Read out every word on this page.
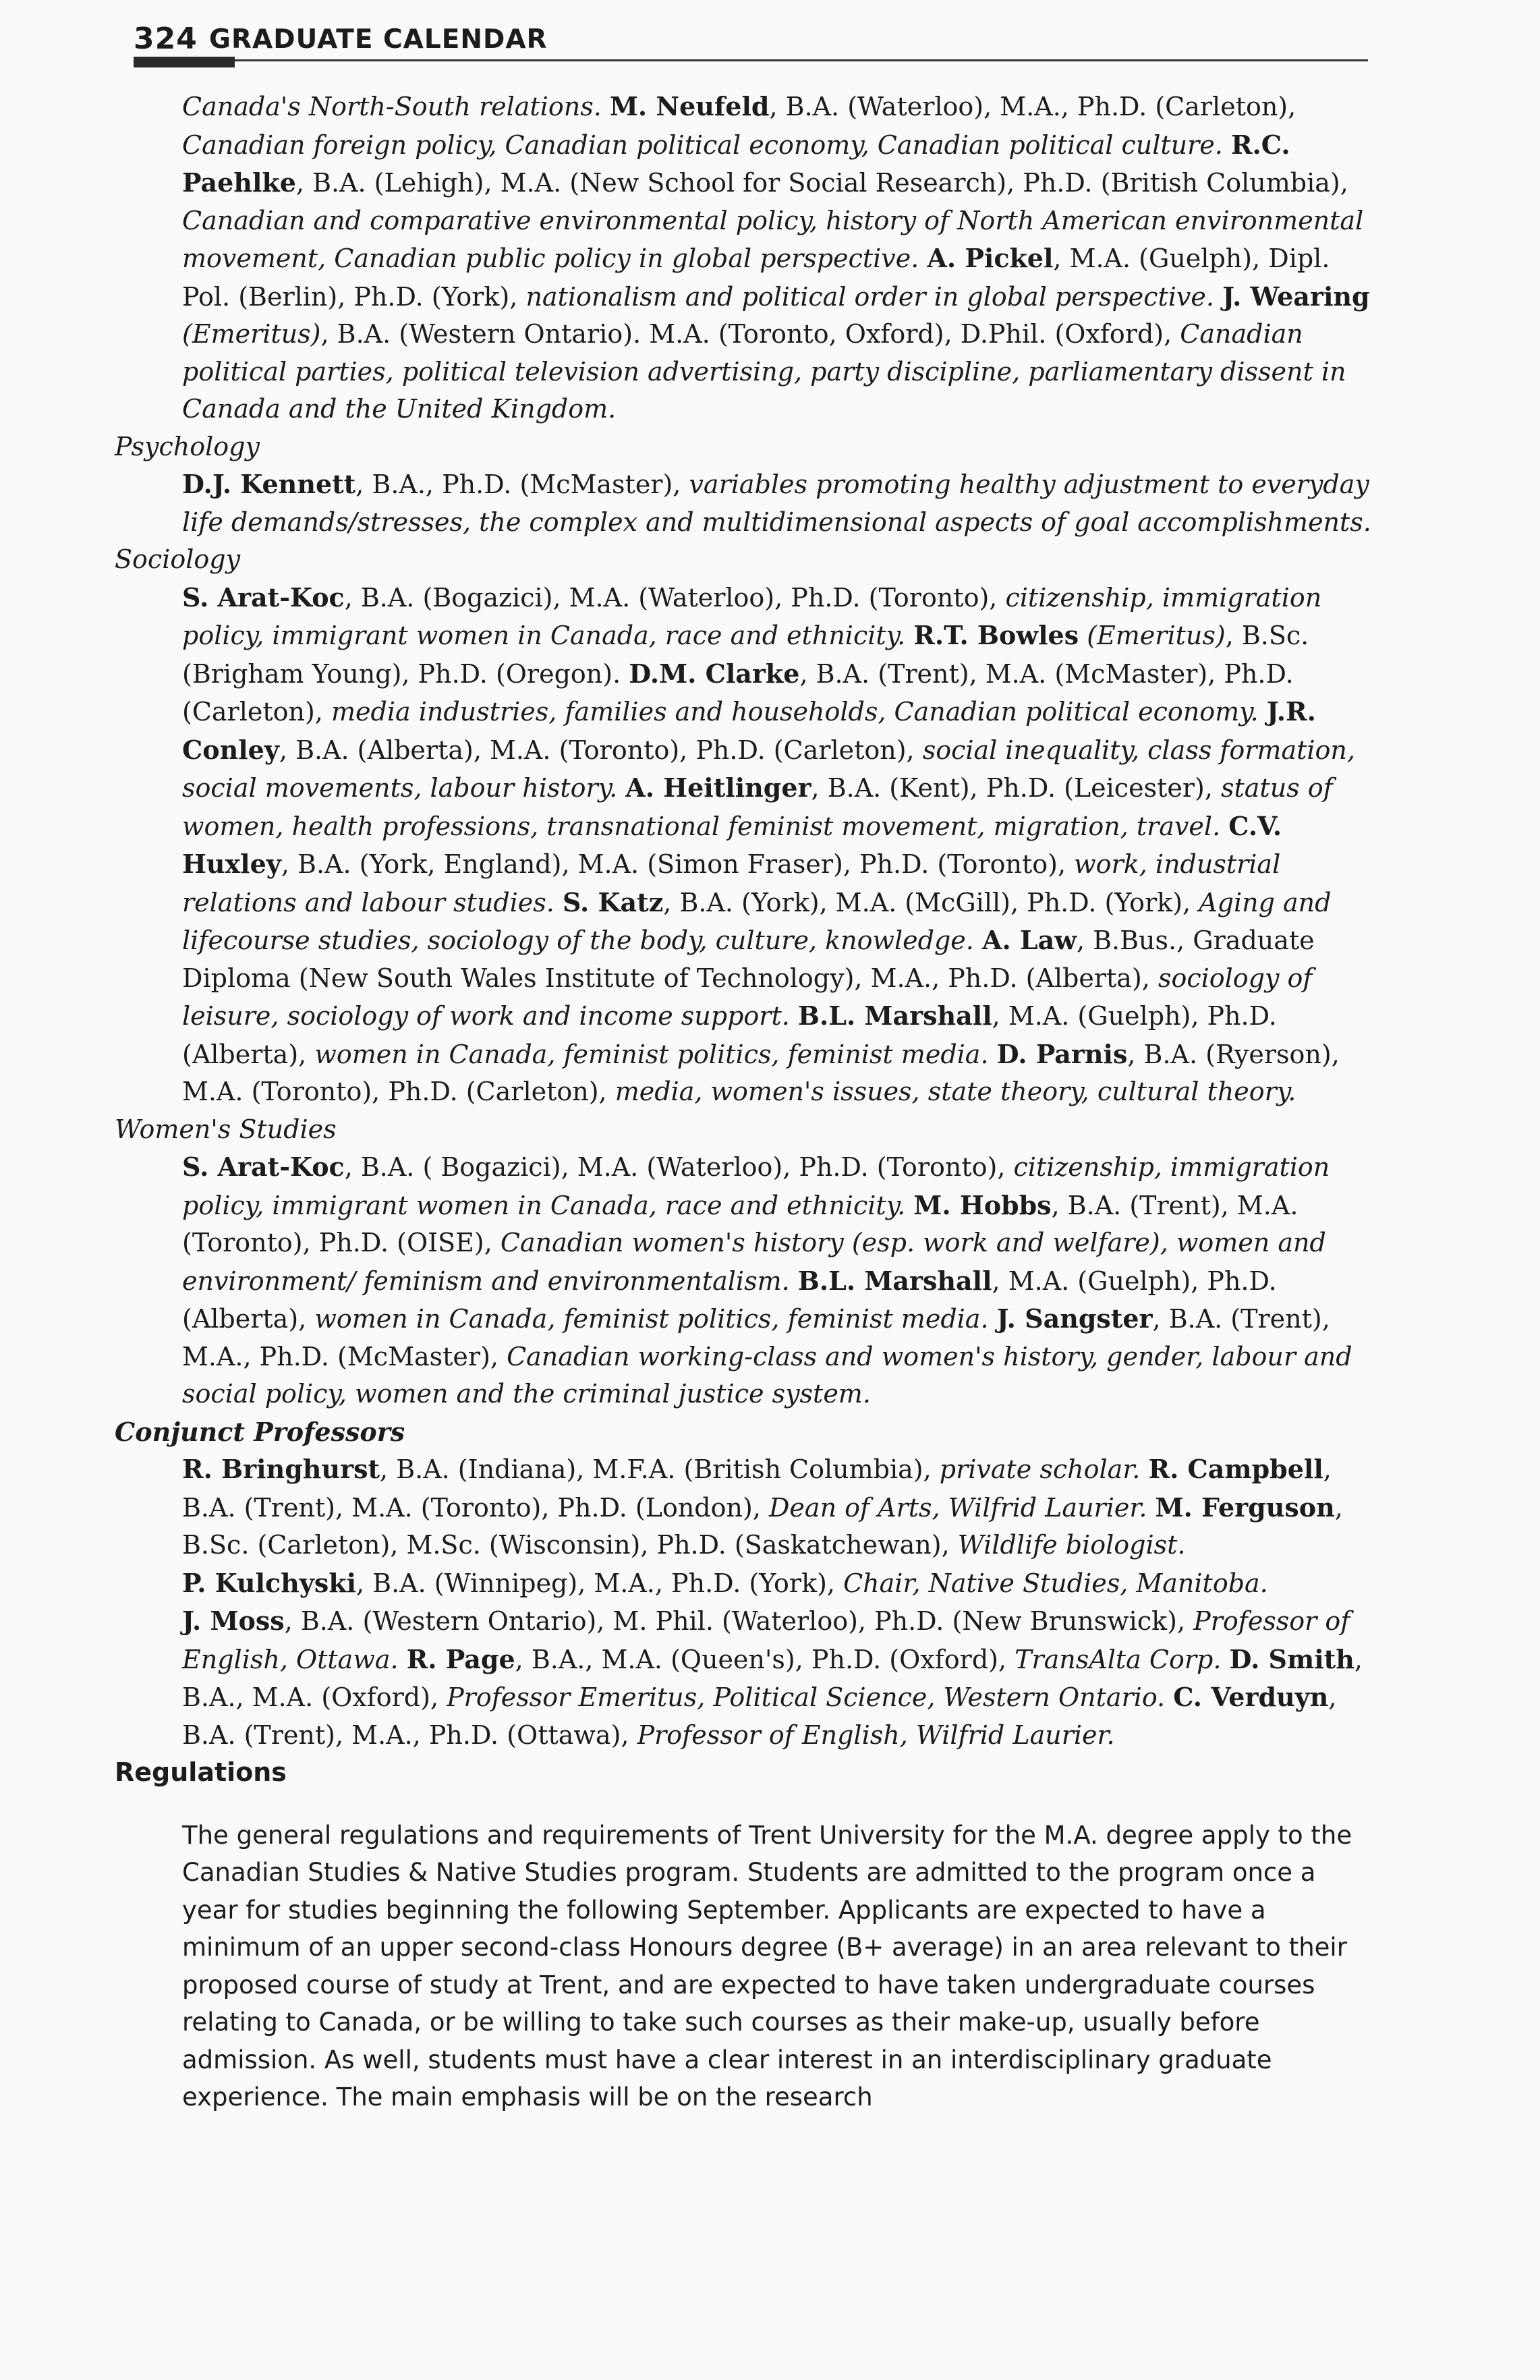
324 GRADUATE CALENDAR

Canada's North-South relations. M. Neufeld, B.A. (Waterloo), M.A., Ph.D. (Carleton), Canadian foreign policy, Canadian political economy, Canadian political culture. R.C. Paehlke, B.A. (Lehigh), M.A. (New School for Social Research), Ph.D. (British Columbia), Canadian and comparative environmental policy, history of North American environmental movement, Canadian public policy in global perspective. A. Pickel, M.A. (Guelph), Dipl. Pol. (Berlin), Ph.D. (York), nationalism and political order in global perspective. J. Wearing (Emeritus), B.A. (Western Ontario). M.A. (Toronto, Oxford), D.Phil. (Oxford), Canadian political parties, political television advertising, party discipline, parliamentary dissent in Canada and the United Kingdom.

Psychology

D.J. Kennett, B.A., Ph.D. (McMaster), variables promoting healthy adjustment to everyday life demands/stresses, the complex and multidimensional aspects of goal accomplishments.

Sociology

S. Arat-Koc, B.A. (Bogazici), M.A. (Waterloo), Ph.D. (Toronto), citizenship, immigration policy, immigrant women in Canada, race and ethnicity. R.T. Bowles (Emeritus), B.Sc. (Brigham Young), Ph.D. (Oregon). D.M. Clarke, B.A. (Trent), M.A. (McMaster), Ph.D. (Carleton), media industries, families and households, Canadian political economy. J.R. Conley, B.A. (Alberta), M.A. (Toronto), Ph.D. (Carleton), social inequality, class formation, social movements, labour history. A. Heitlinger, B.A. (Kent), Ph.D. (Leicester), status of women, health professions, transnational feminist movement, migration, travel. C.V. Huxley, B.A. (York, England), M.A. (Simon Fraser), Ph.D. (Toronto), work, industrial relations and labour studies. S. Katz, B.A. (York), M.A. (McGill), Ph.D. (York), Aging and lifecourse studies, sociology of the body, culture, knowledge. A. Law, B.Bus., Graduate Diploma (New South Wales Institute of Technology), M.A., Ph.D. (Alberta), sociology of leisure, sociology of work and income support. B.L. Marshall, M.A. (Guelph), Ph.D. (Alberta), women in Canada, feminist politics, feminist media. D. Parnis, B.A. (Ryerson), M.A. (Toronto), Ph.D. (Carleton), media, women's issues, state theory, cultural theory.

Women's Studies

S. Arat-Koc, B.A. ( Bogazici), M.A. (Waterloo), Ph.D. (Toronto), citizenship, immigration policy, immigrant women in Canada, race and ethnicity. M. Hobbs, B.A. (Trent), M.A. (Toronto), Ph.D. (OISE), Canadian women's history (esp. work and welfare), women and environment/ feminism and environmentalism. B.L. Marshall, M.A. (Guelph), Ph.D. (Alberta), women in Canada, feminist politics, feminist media. J. Sangster, B.A. (Trent), M.A., Ph.D. (McMaster), Canadian working-class and women's history, gender, labour and social policy, women and the criminal justice system.

Conjunct Professors

R. Bringhurst, B.A. (Indiana), M.F.A. (British Columbia), private scholar. R. Campbell, B.A. (Trent), M.A. (Toronto), Ph.D. (London), Dean of Arts, Wilfrid Laurier. M. Ferguson, B.Sc. (Carleton), M.Sc. (Wisconsin), Ph.D. (Saskatchewan), Wildlife biologist.

P. Kulchyski, B.A. (Winnipeg), M.A., Ph.D. (York), Chair, Native Studies, Manitoba.

J. Moss, B.A. (Western Ontario), M. Phil. (Waterloo), Ph.D. (New Brunswick), Professor of English, Ottawa. R. Page, B.A., M.A. (Queen's), Ph.D. (Oxford), TransAlta Corp. D. Smith, B.A., M.A. (Oxford), Professor Emeritus, Political Science, Western Ontario. C. Verduyn, B.A. (Trent), M.A., Ph.D. (Ottawa), Professor of English, Wilfrid Laurier.

Regulations

The general regulations and requirements of Trent University for the M.A. degree apply to the Canadian Studies & Native Studies program. Students are admitted to the program once a year for studies beginning the following September. Applicants are expected to have a minimum of an upper second-class Honours degree (B+ average) in an area relevant to their proposed course of study at Trent, and are expected to have taken undergraduate courses relating to Canada, or be willing to take such courses as their make-up, usually before admission. As well, students must have a clear interest in an interdisciplinary graduate experience. The main emphasis will be on the research
